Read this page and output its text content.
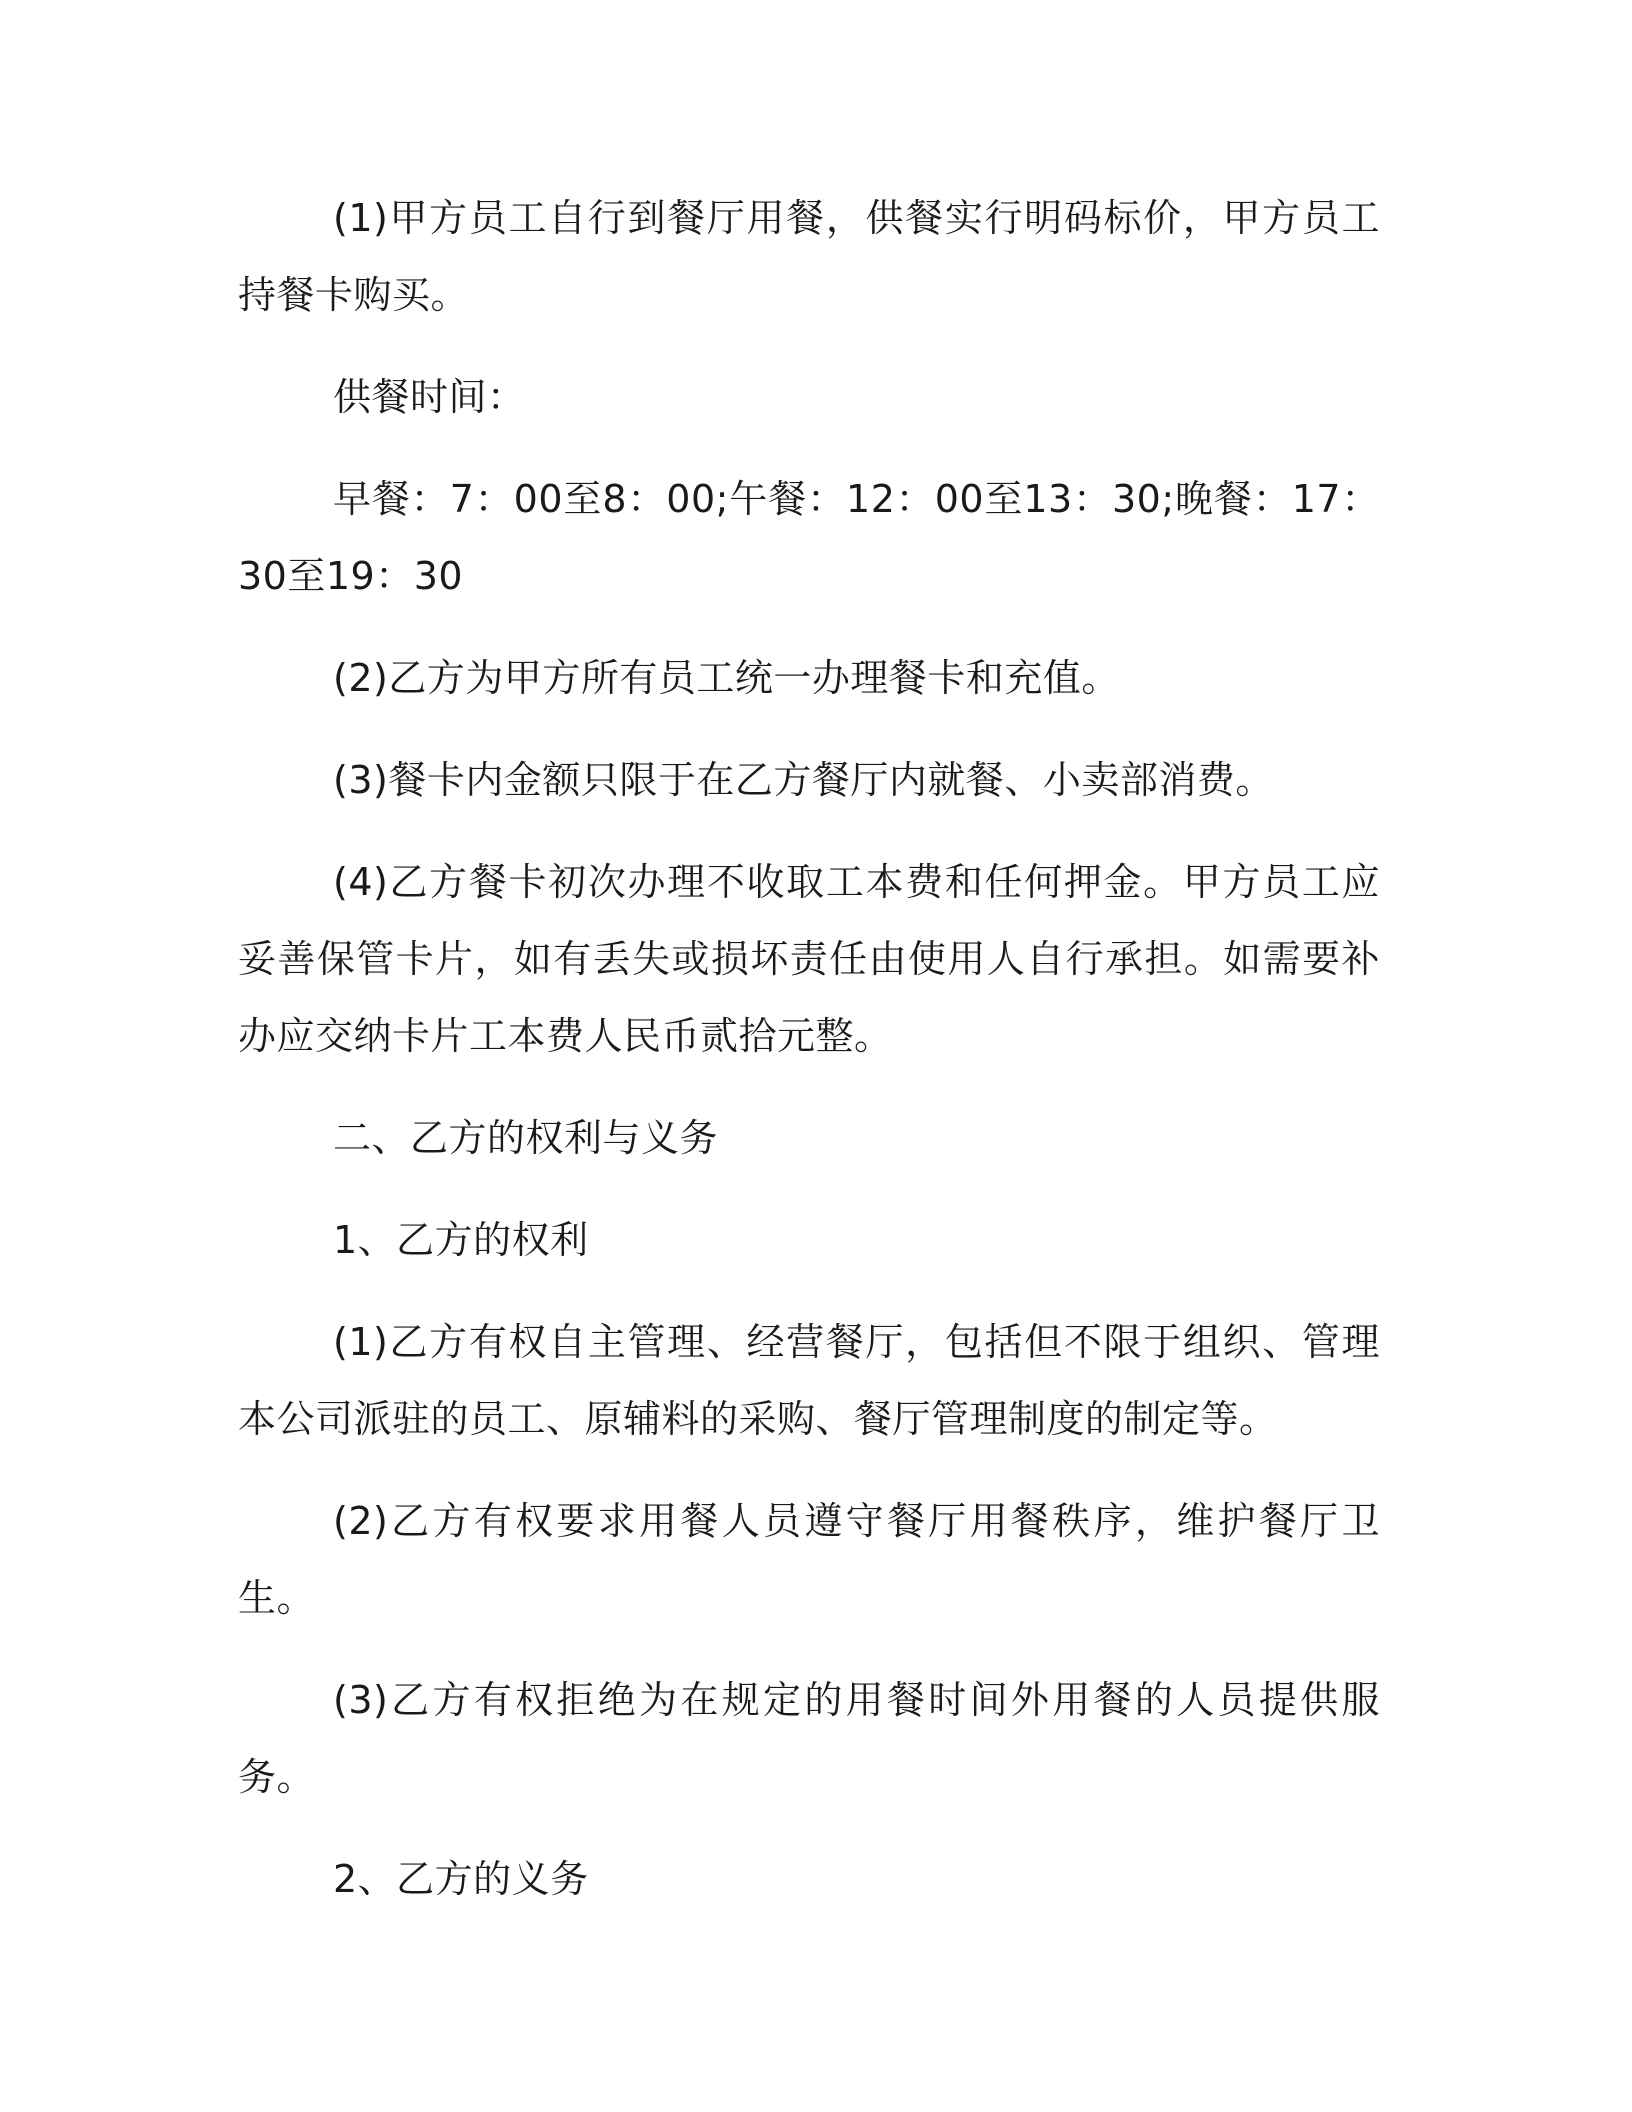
(1)甲方员工自行到餐厅用餐，供餐实行明码标价，甲方员工持餐卡购买。

供餐时间：

早餐：7：00至8：00;午餐：12：00至13：30;晚餐：17：30至19：30

(2)乙方为甲方所有员工统一办理餐卡和充值。

(3)餐卡内金额只限于在乙方餐厅内就餐、小卖部消费。

(4)乙方餐卡初次办理不收取工本费和任何押金。甲方员工应妥善保管卡片，如有丢失或损坏责任由使用人自行承担。如需要补办应交纳卡片工本费人民币贰拾元整。

二、乙方的权利与义务

1、乙方的权利

(1)乙方有权自主管理、经营餐厅，包括但不限于组织、管理本公司派驻的员工、原辅料的采购、餐厅管理制度的制定等。

(2)乙方有权要求用餐人员遵守餐厅用餐秩序，维护餐厅卫生。

(3)乙方有权拒绝为在规定的用餐时间外用餐的人员提供服务。

2、乙方的义务
